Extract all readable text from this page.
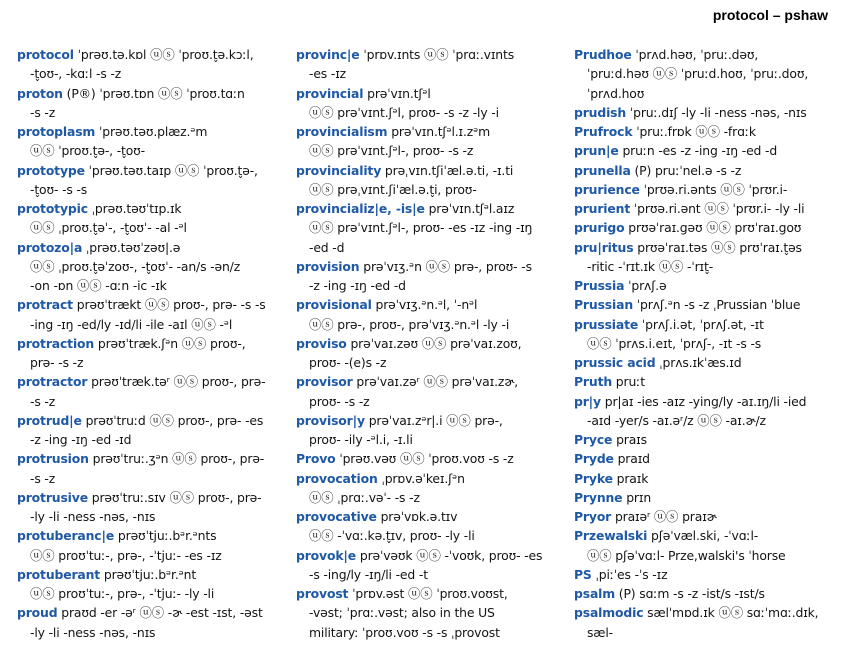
protocol – pshaw
protocol ˈprəʊ.tə.kɒl ⓤⓢ ˈproʊ.t̬ə.kɔːl,
-t̬oʊ-, -kɑːl -s -z
proton (P®) ˈprəʊ.tɒn ⓤⓢ ˈproʊ.tɑːn
-s -z
protoplasm ˈprəʊ.təʊ.plæz.ᵊm
ⓤⓢ ˈproʊ.t̬ə-, -t̬oʊ-
prototype ˈprəʊ.təʊ.taɪp ⓤⓢ ˈproʊ.t̬ə-,
-t̬oʊ- -s -s
prototypic ˌprəʊ.təʊˈtɪp.ɪk
ⓤⓢ ˌproʊ.t̬əˈ-, -t̬oʊˈ- -al -ᵊl
protozo|a ˌprəʊ.təʊˈzəʊ|.ə
ⓤⓢ ˌproʊ.t̬əˈzoʊ-, -t̬oʊˈ- -an/s -ən/z
-on -ɒn ⓤⓢ -ɑːn -ic -ɪk
protract prəʊˈtrækt ⓤⓢ proʊ-, prə- -s -s
-ing -ɪŋ -ed/ly -ɪd/li -ile -aɪl ⓤⓢ -ᵊl
protraction prəʊˈtræk.ʃᵊn ⓤⓢ proʊ-,
prə- -s -z
protractor prəʊˈtræk.təʳ ⓤⓢ proʊ-, prə-
-s -z
protrud|e prəʊˈtruːd ⓤⓢ proʊ-, prə- -es
-z -ing -ɪŋ -ed -ɪd
protrusion prəʊˈtruː.ʒᵊn ⓤⓢ proʊ-, prə-
-s -z
protrusive prəʊˈtruː.sɪv ⓤⓢ proʊ-, prə-
-ly -li -ness -nəs, -nɪs
protuberanc|e prəʊˈtjuː.bᵊr.ᵊnts
ⓤⓢ proʊˈtuː-, prə-, -ˈtjuː- -es -ɪz
protuberant prəʊˈtjuː.bᵊr.ᵊnt
ⓤⓢ proʊˈtuː-, prə-, -ˈtjuː- -ly -li
proud praʊd -er -əʳ ⓤⓢ -ɚ -est -ɪst, -əst
-ly -li -ness -nəs, -nɪs
provinc|e ˈprɒv.ɪnts ⓤⓢ ˈprɑː.vɪnts
-es -ɪz
provincial prəˈvɪn.tʃᵊl
ⓤⓢ prəˈvɪnt.ʃᵊl, proʊ- -s -z -ly -i
provincialism prəˈvɪn.tʃᵊl.ɪ.zᵊm
ⓤⓢ prəˈvɪnt.ʃᵊl-, proʊ- -s -z
provinciality prəˌvɪn.tʃiˈæl.ə.ti, -ɪ.ti
ⓤⓢ prəˌvɪnt.ʃiˈæl.ə.t̬i, proʊ-
provincializ|e, -is|e prəˈvɪn.tʃᵊl.aɪz
ⓤⓢ prəˈvɪnt.ʃᵊl-, proʊ- -es -ɪz -ing -ɪŋ
-ed -d
provision prəˈvɪʒ.ᵊn ⓤⓢ prə-, proʊ- -s
-z -ing -ɪŋ -ed -d
provisional prəˈvɪʒ.ᵊn.ᵊl, ˈ-nᵊl
ⓤⓢ prə-, proʊ-, prəˈvɪʒ.ᵊn.ᵊl -ly -i
proviso prəˈvaɪ.zəʊ ⓤⓢ prəˈvaɪ.zoʊ,
proʊ- -(e)s -z
provisor prəˈvaɪ.zəʳ ⓤⓢ prəˈvaɪ.zɚ,
proʊ- -s -z
provisor|y prəˈvaɪ.zᵊr|.i ⓤⓢ prə-,
proʊ- -ily -ᵊl.i, -ɪ.li
Provo ˈprəʊ.vəʊ ⓤⓢ ˈproʊ.voʊ -s -z
provocation ˌprɒv.əˈkeɪ.ʃᵊn
ⓤⓢ ˌprɑː.vəˈ- -s -z
provocative prəˈvɒk.ə.tɪv
ⓤⓢ -ˈvɑː.kə.t̬ɪv, proʊ- -ly -li
provok|e prəˈvəʊk ⓤⓢ -ˈvoʊk, proʊ- -es
-s -ing/ly -ɪŋ/li -ed -t
provost ˈprɒv.əst ⓤⓢ ˈproʊ.voʊst,
-vəst; ˈprɑː.vəst; also in the US
military: ˈproʊ.voʊ -s -s ˌprovost
Prudhoe ˈprʌd.həʊ, ˈpruː.dəʊ,
ˈpruːd.həʊ ⓤⓢ ˈpruːd.hoʊ, ˈpruː.doʊ,
ˈprʌd.hoʊ
prudish ˈpruː.dɪʃ -ly -li -ness -nəs, -nɪs
Prufrock ˈpruː.frɒk ⓤⓢ -frɑːk
prun|e pruːn -es -z -ing -ɪŋ -ed -d
prunella (P) pruːˈnel.ə -s -z
prurience ˈprʊə.ri.ənts ⓤⓢ ˈprʊr.i-
prurient ˈprʊə.ri.ənt ⓤⓢ ˈprʊr.i- -ly -li
prurigo prʊəˈraɪ.gəʊ ⓤⓢ prʊˈraɪ.goʊ
pru|ritus prʊəˈraɪ.təs ⓤⓢ prʊˈraɪ.t̬əs
-ritic -ˈrɪt.ɪk ⓤⓢ -ˈrɪt̬-
Prussia ˈprʌʃ.ə
Prussian ˈprʌʃ.ᵊn -s -z ˌPrussian ˈblue
prussiate ˈprʌʃ.i.ət, ˈprʌʃ.ət, -ɪt
ⓤⓢ ˈprʌs.i.eɪt, ˈprʌʃ-, -ɪt -s -s
prussic acid ˌprʌs.ɪkˈæs.ɪd
Pruth pruːt
pr|y pr|aɪ -ies -aɪz -ying/ly -aɪ.ɪŋ/li -ied
-aɪd -yer/s -aɪ.əʳ/z ⓤⓢ -aɪ.ɚ/z
Pryce praɪs
Pryde praɪd
Pryke praɪk
Prynne prɪn
Pryor praɪəʳ ⓤⓢ praɪɚ
Przewalski pʃəˈvæl.ski, -ˈvɑːl-
ⓤⓢ pʃəˈvɑːl- Prze,walski's ˈhorse
PS ˌpiːˈes -ˈs -ɪz
psalm (P) sɑːm -s -z -ist/s -ɪst/s
psalmodic sælˈmɒd.ɪk ⓤⓢ sɑːˈmɑː.dɪk,
sæl-
